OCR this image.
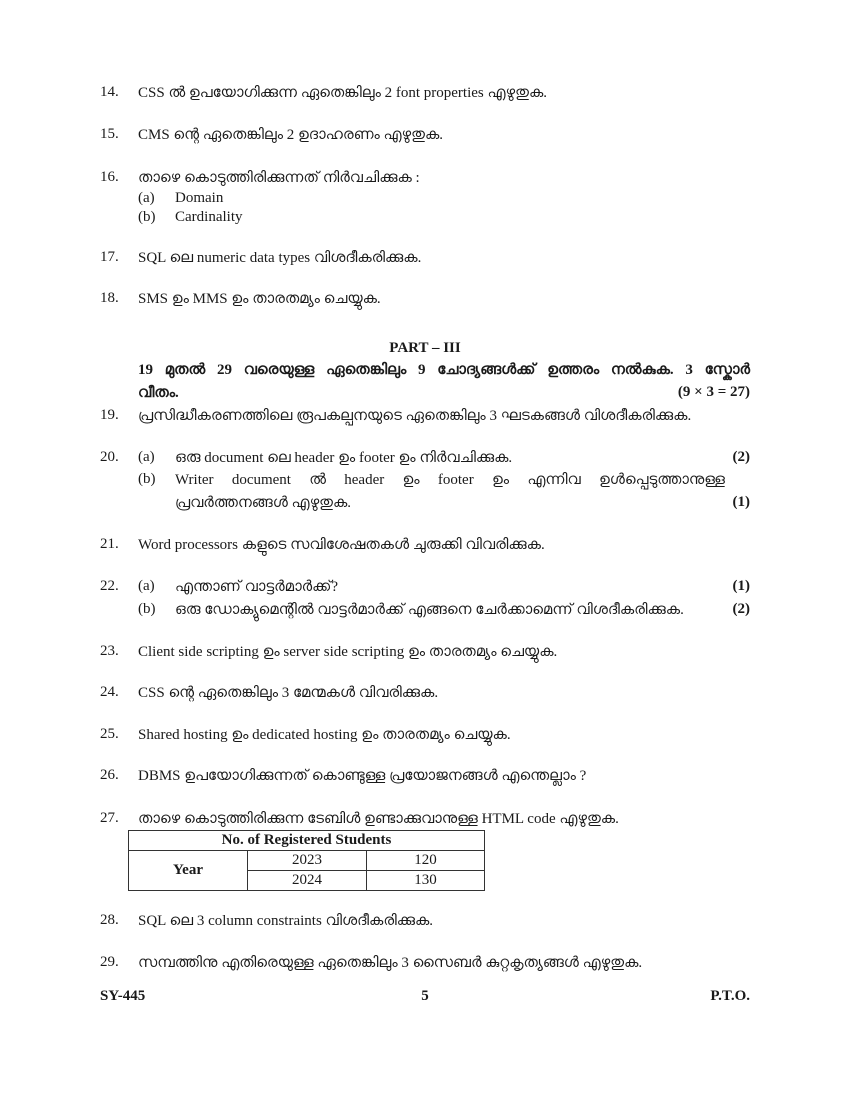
14. CSS ൽ ഉപയോഗിക്കുന്ന ഏതെങ്കിലും 2 font properties എഴുതുക.
15. CMS ന്റെ ഏതെങ്കിലും 2 ഉദാഹരണം എഴുതുക.
16. താഴെ കൊടുത്തിരിക്കുന്നത് നിർവചിക്കുക :
(a) Domain
(b) Cardinality
17. SQL ലെ numeric data types വിശദീകരിക്കുക.
18. SMS ഉം MMS ഉം താരതമ്യം ചെയ്യുക.
PART – III
19 മുതൽ 29 വരെയുള്ള ഏതെങ്കിലും 9 ചോദ്യങ്ങൾക്ക് ഉത്തരം നൽകുക. 3 സ്കോർ
വീതം.	(9 × 3 = 27)
19. പ്രസിദ്ധീകരണത്തിലെ രൂപകല്പനയുടെ ഏതെങ്കിലും 3 ഘടകങ്ങൾ വിശദീകരിക്കുക.
20. (a) ഒരു document ലെ header ഉം footer ഉം നിർവചിക്കുക.	(2)
(b) Writer document ൽ header ഉം footer ഉം എന്നിവ ഉൾപ്പെടുത്താനുള്ള
പ്രവർത്തനങ്ങൾ എഴുതുക.	(1)
21. Word processors കളുടെ സവിശേഷതകൾ ചുരുക്കി വിവരിക്കുക.
22. (a) എന്താണ് വാട്ടർമാർക്ക്?	(1)
(b) ഒരു ഡോക്യുമെന്റിൽ വാട്ടർമാർക്ക് എങ്ങനെ ചേർക്കാമെന്ന് വിശദീകരിക്കുക.	(2)
23. Client side scripting ഉം server side scripting ഉം താരതമ്യം ചെയ്യുക.
24. CSS ന്റെ ഏതെങ്കിലും 3 മേന്മകൾ വിവരിക്കുക.
25. Shared hosting ഉം dedicated hosting ഉം താരതമ്യം ചെയ്യുക.
26. DBMS ഉപയോഗിക്കുന്നത് കൊണ്ടുള്ള പ്രയോജനങ്ങൾ എന്തെല്ലാം ?
27. താഴെ കൊടുത്തിരിക്കുന്ന ടേബിൾ ഉണ്ടാക്കുവാനുള്ള HTML code എഴുതുക.
No. of Registered Students		
Year	2023	120
	2024	130
28. SQL ലെ 3 column constraints വിശദീകരിക്കുക.
29. സമ്പത്തിനു എതിരെയുള്ള ഏതെങ്കിലും 3 സൈബർ കുറ്റകൃത്യങ്ങൾ എഴുതുക.
SY-445	5	P.T.O.
